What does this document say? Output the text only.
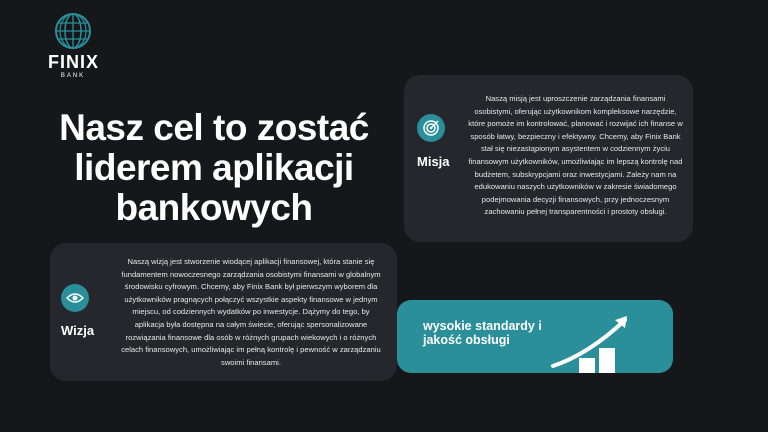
FINIX
BANK
Nasz cel to zostać liderem aplikacji bankowych
Misja
Naszą misją jest uproszczenie zarządzania finansami osobistymi, oferując użytkownikom kompleksowe narzędzie, które pomoże im kontrolować, planować i rozwijać ich finanse w sposób łatwy, bezpieczny i efektywny. Chcemy, aby Finix Bank stał się niezastąpionym asystentem w codziennym życiu finansowym użytkowników, umożliwiając im lepszą kontrolę nad budżetem, subskrypcjami oraz inwestycjami. Zależy nam na edukowaniu naszych użytkowników w zakresie świadomego podejmowania decyzji finansowych, przy jednoczesnym zachowaniu pełnej transparentności i prostoty obsługi.
Wizja
Naszą wizją jest stworzenie wiodącej aplikacji finansowej, która stanie się fundamentem nowoczesnego zarządzania osobistymi finansami w globalnym środowisku cyfrowym. Chcemy, aby Finix Bank był pierwszym wyborem dla użytkowników pragnących połączyć wszystkie aspekty finansowe w jednym miejscu, od codziennych wydatków po inwestycje. Dążymy do tego, by aplikacja była dostępna na całym świecie, oferując spersonalizowane rozwiązania finansowe dla osób w różnych grupach wiekowych i o różnych celach finansowych, umożliwiając im pełną kontrolę i pewność w zarządzaniu swoimi finansami.
wysokie standardy i jakość obsługi
